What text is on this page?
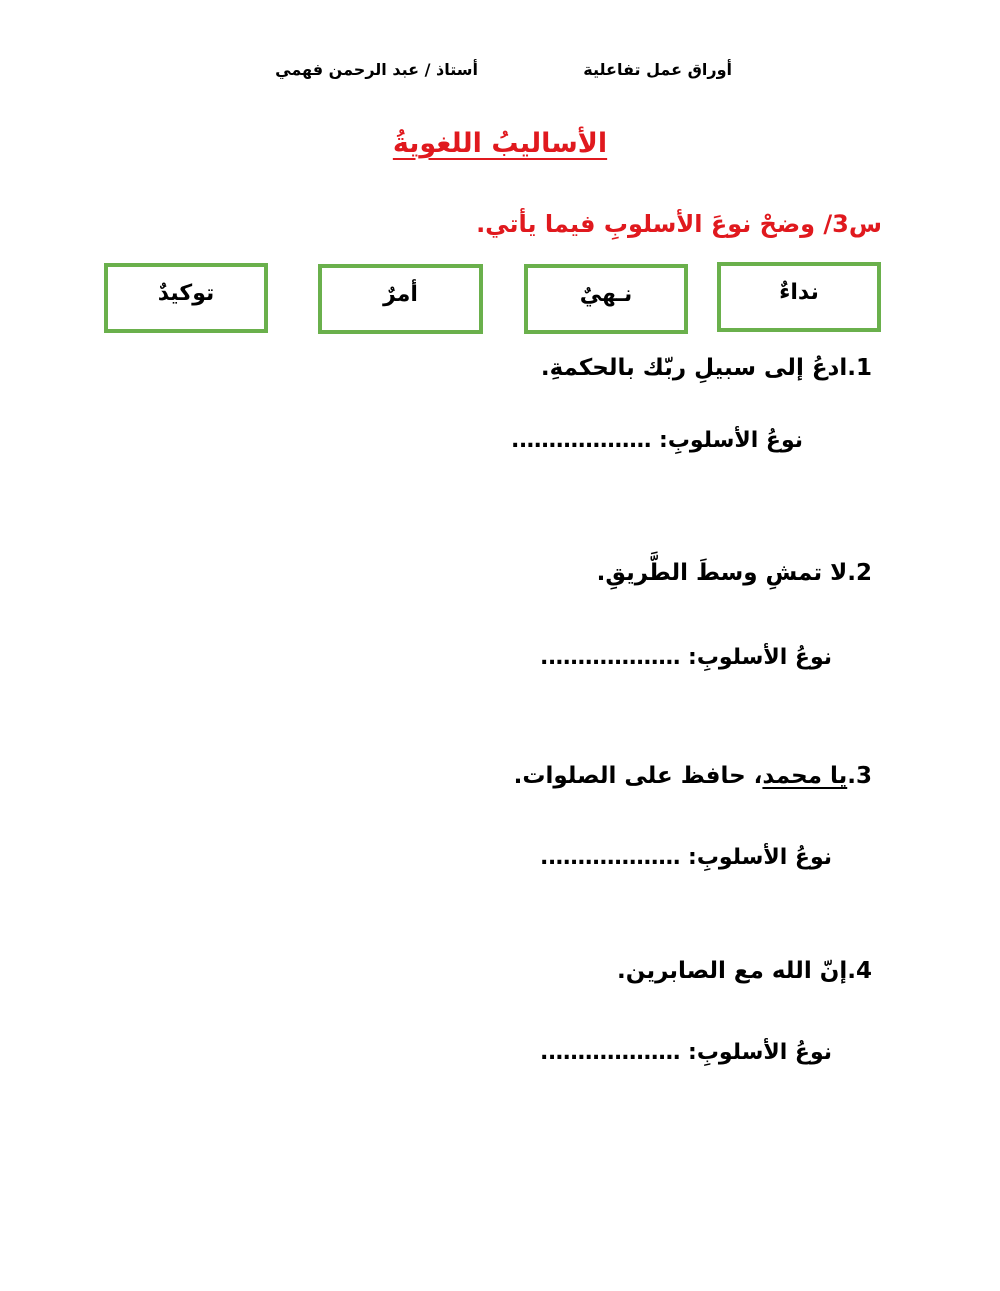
أوراق عمل تفاعلية
أستاذ / عبد الرحمن فهمي
الأساليبُ اللغويةُ
س3/ وضحْ نوعَ الأسلوبِ فيما يأتي.
نداءٌ
نـهيٌ
أمرٌ
توكيدٌ
1.ادعُ إلى سبيلِ ربّك بالحكمةِ.
نوعُ الأسلوبِ: ……………….
2.لا تمشِ وسطَ الطَّريقِ.
نوعُ الأسلوبِ: ……………….
3.يا محمد، حافظ على الصلوات.
نوعُ الأسلوبِ: ……………….
4.إنّ الله مع الصابرين.
نوعُ الأسلوبِ: ……………….
